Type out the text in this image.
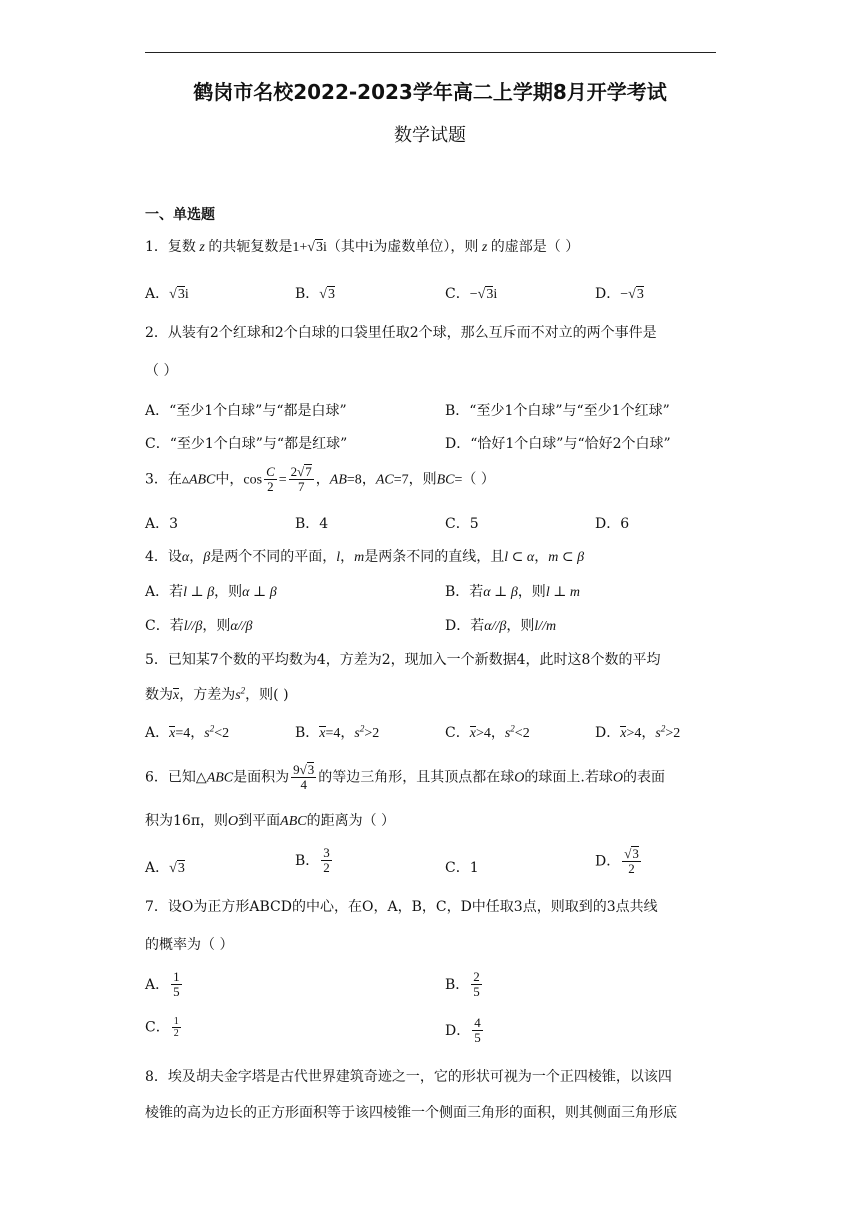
鹤岗市名校2022-2023学年高二上学期8月开学考试
数学试题
一、单选题
1．复数 z 的共轭复数是1+√3i（其中i为虚数单位），则 z 的虚部是（ ）
A．√3i	B．√3	C．−√3i	D．−√3
2．从装有2个红球和2个白球的口袋里任取2个球，那么互斥而不对立的两个事件是
（ ）
A．“至少1个白球”与“都是白球”	B．“至少1个白球”与“至少1个红球”
C．“至少1个白球”与“都是红球”	D．“恰好1个白球”与“恰好2个白球”
3．在▵ABC中，$\cos \frac{C}{2} = \frac{2√7}{7}$ ，AB=8，AC=7，则BC=（ ）
A．3	B．4	C．5	D．6
4．设α，β是两个不同的平面，l，m是两条不同的直线，且l ⊂ α，m ⊂ β
A．若l ⊥ β，则α ⊥ β	B．若α ⊥ β，则l ⊥ m
C．若l//β，则α//β	D．若α//β，则l//m
5．已知某7个数的平均数为4，方差为2，现加入一个新数据4，此时这8个数的平均
数为x，方差为$s^2$，则( )
A．x=4，$s^2<2$	B．x=4，$s^2>2$	C．x>4，$s^2<2$	D．x>4，$s^2>2$
6．已知△ABC是面积为 $\frac{9√3}{4}$ 的等边三角形，且其顶点都在球O的球面上.若球O的表面
积为16π，则O到平面ABC的距离为（ ）
A．√3	B． $\frac{3}{2}$	C．1	D． $\frac{√3}{2}$
7．设O为正方形ABCD的中心，在O，A，B，C，D中任取3点，则取到的3点共线
的概率为（ ）
A． $\frac{1}{5}$	B． $\frac{2}{5}$
C． $\frac{1}{2}$	D． $\frac{4}{5}$
8．埃及胡夫金字塔是古代世界建筑奇迹之一，它的形状可视为一个正四棱锥，以该四
棱锥的高为边长的正方形面积等于该四棱锥一个侧面三角形的面积，则其侧面三角形底
